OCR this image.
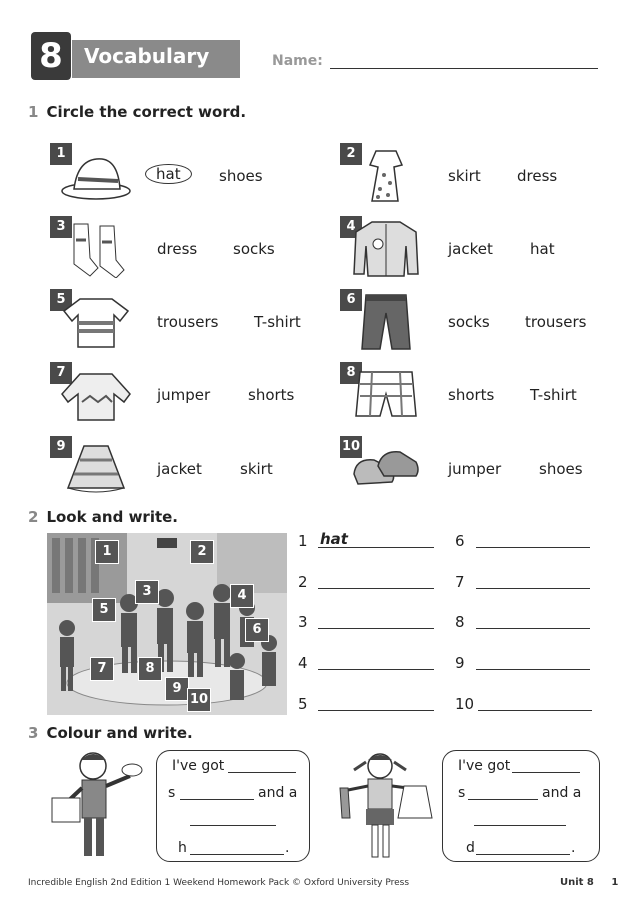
8	Vocabulary	Name:
1 Circle the correct word.
1
hat	shoes
2
skirt dress
3
dress socks
4
jacket hat
5
trousers T-shirt
6
socks trousers
7
jumper	shorts
8
shorts T-shirt
9
jacket	skirt
10
jumper	shoes
2 Look and write.
1	2
3	4
5
6
7	8
9
10
1 hat
2
3
4
5
6
7
8
9
10
3 Colour and write.
I've got
s	and a
h	.
I've got
s	and a
d	.
Incredible English 2nd Edition 1 Weekend Homework Pack © Oxford University Press	Unit 8 1
